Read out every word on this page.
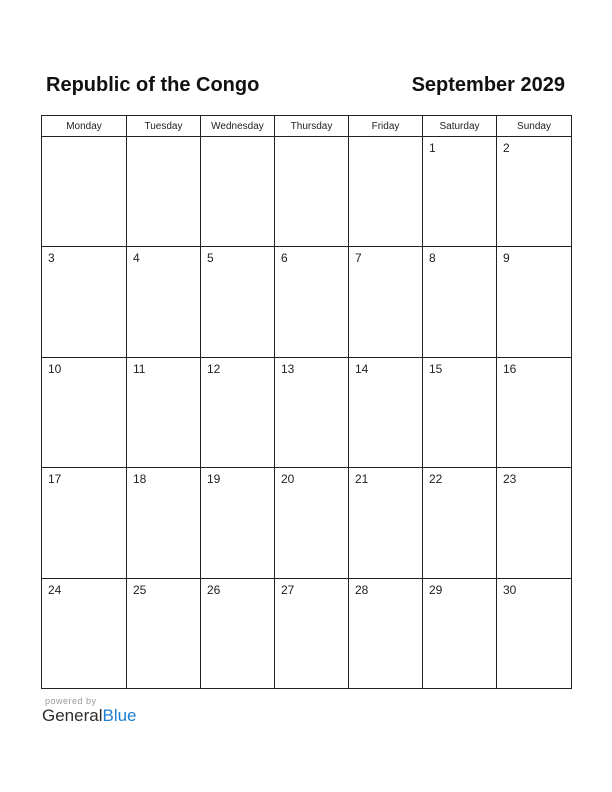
Republic of the Congo	September 2029
Monday	Tuesday	Wednesday	Thursday	Friday	Saturday	Sunday

					1	2

3	4	5	6	7	8	9

10	11	12	13	14	15	16

17	18	19	20	21	22	23

24	25	26	27	28	29	30
powered by
GeneralBlue
